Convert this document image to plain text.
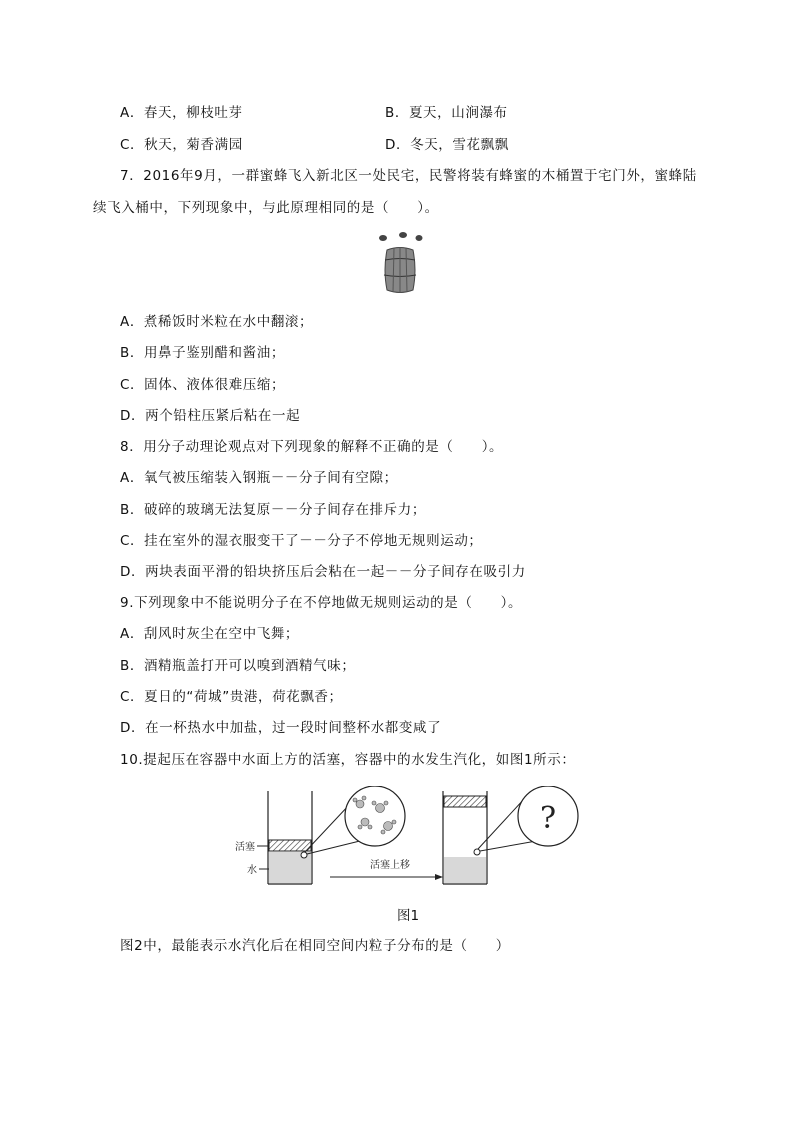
A．春天，柳枝吐芽	B．夏天，山涧瀑布
C．秋天，菊香满园	D．冬天，雪花飘飘
7．2016年9月，一群蜜蜂飞入新北区一处民宅，民警将装有蜂蜜的木桶置于宅门外，蜜蜂陆
续飞入桶中，下列现象中，与此原理相同的是（　　）。
A．煮稀饭时米粒在水中翻滚；
B．用鼻子鉴别醋和酱油；
C．固体、液体很难压缩；
D．两个铅柱压紧后粘在一起
8．用分子动理论观点对下列现象的解释不正确的是（　　）。
A．氧气被压缩装入钢瓶－－分子间有空隙；
B．破碎的玻璃无法复原－－分子间存在排斥力；
C．挂在室外的湿衣服变干了－－分子不停地无规则运动；
D．两块表面平滑的铅块挤压后会粘在一起－－分子间存在吸引力
9.下列现象中不能说明分子在不停地做无规则运动的是（　　）。
A．刮风时灰尘在空中飞舞；
B．酒精瓶盖打开可以嗅到酒精气味；
C．夏日的“荷城”贵港，荷花飘香；
D．在一杯热水中加盐，过一段时间整杯水都变咸了
10.提起压在容器中水面上方的活塞，容器中的水发生汽化，如图1所示：
活塞
水	活塞上移
?
图1
图2中，最能表示水汽化后在相同空间内粒子分布的是（　　）
